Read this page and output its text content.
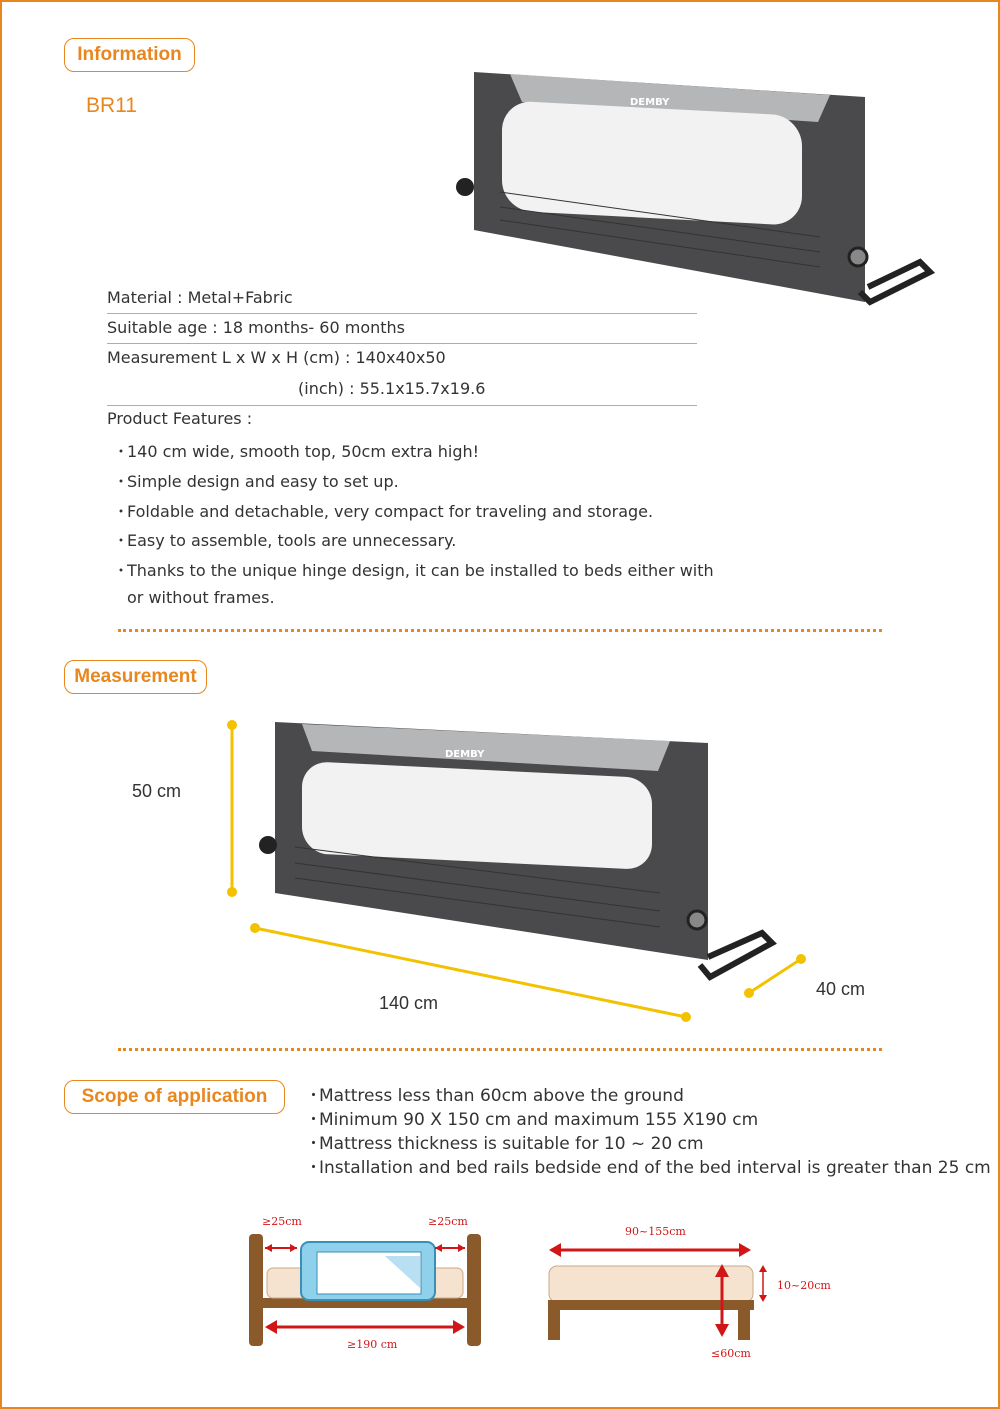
Information
BR11	DEMBY
Material : Metal+Fabric
Suitable age : 18 months- 60 months
Measurement L x W x H (cm) : 140x40x50
(inch) : 55.1x15.7x19.6
Product Features :
・140 cm wide, smooth top, 50cm extra high!
・Simple design and easy to set up.
・Foldable and detachable, very compact for traveling and storage.
・Easy to assemble, tools are unnecessary.
・Thanks to the unique hinge design, it can be installed to beds either with
or without frames.
Measurement
DEMBY
50 cm
140 cm
40 cm
Scope of application	・Mattress less than 60cm above the ground
・Minimum 90 X 150 cm and maximum 155 X190 cm
・Mattress thickness is suitable for 10 ~ 20 cm
・Installation and bed rails bedside end of the bed interval is greater than 25 cm
≥25cm	≥25cm
≥190 cm
90~155cm
10~20cm
≤60cm
